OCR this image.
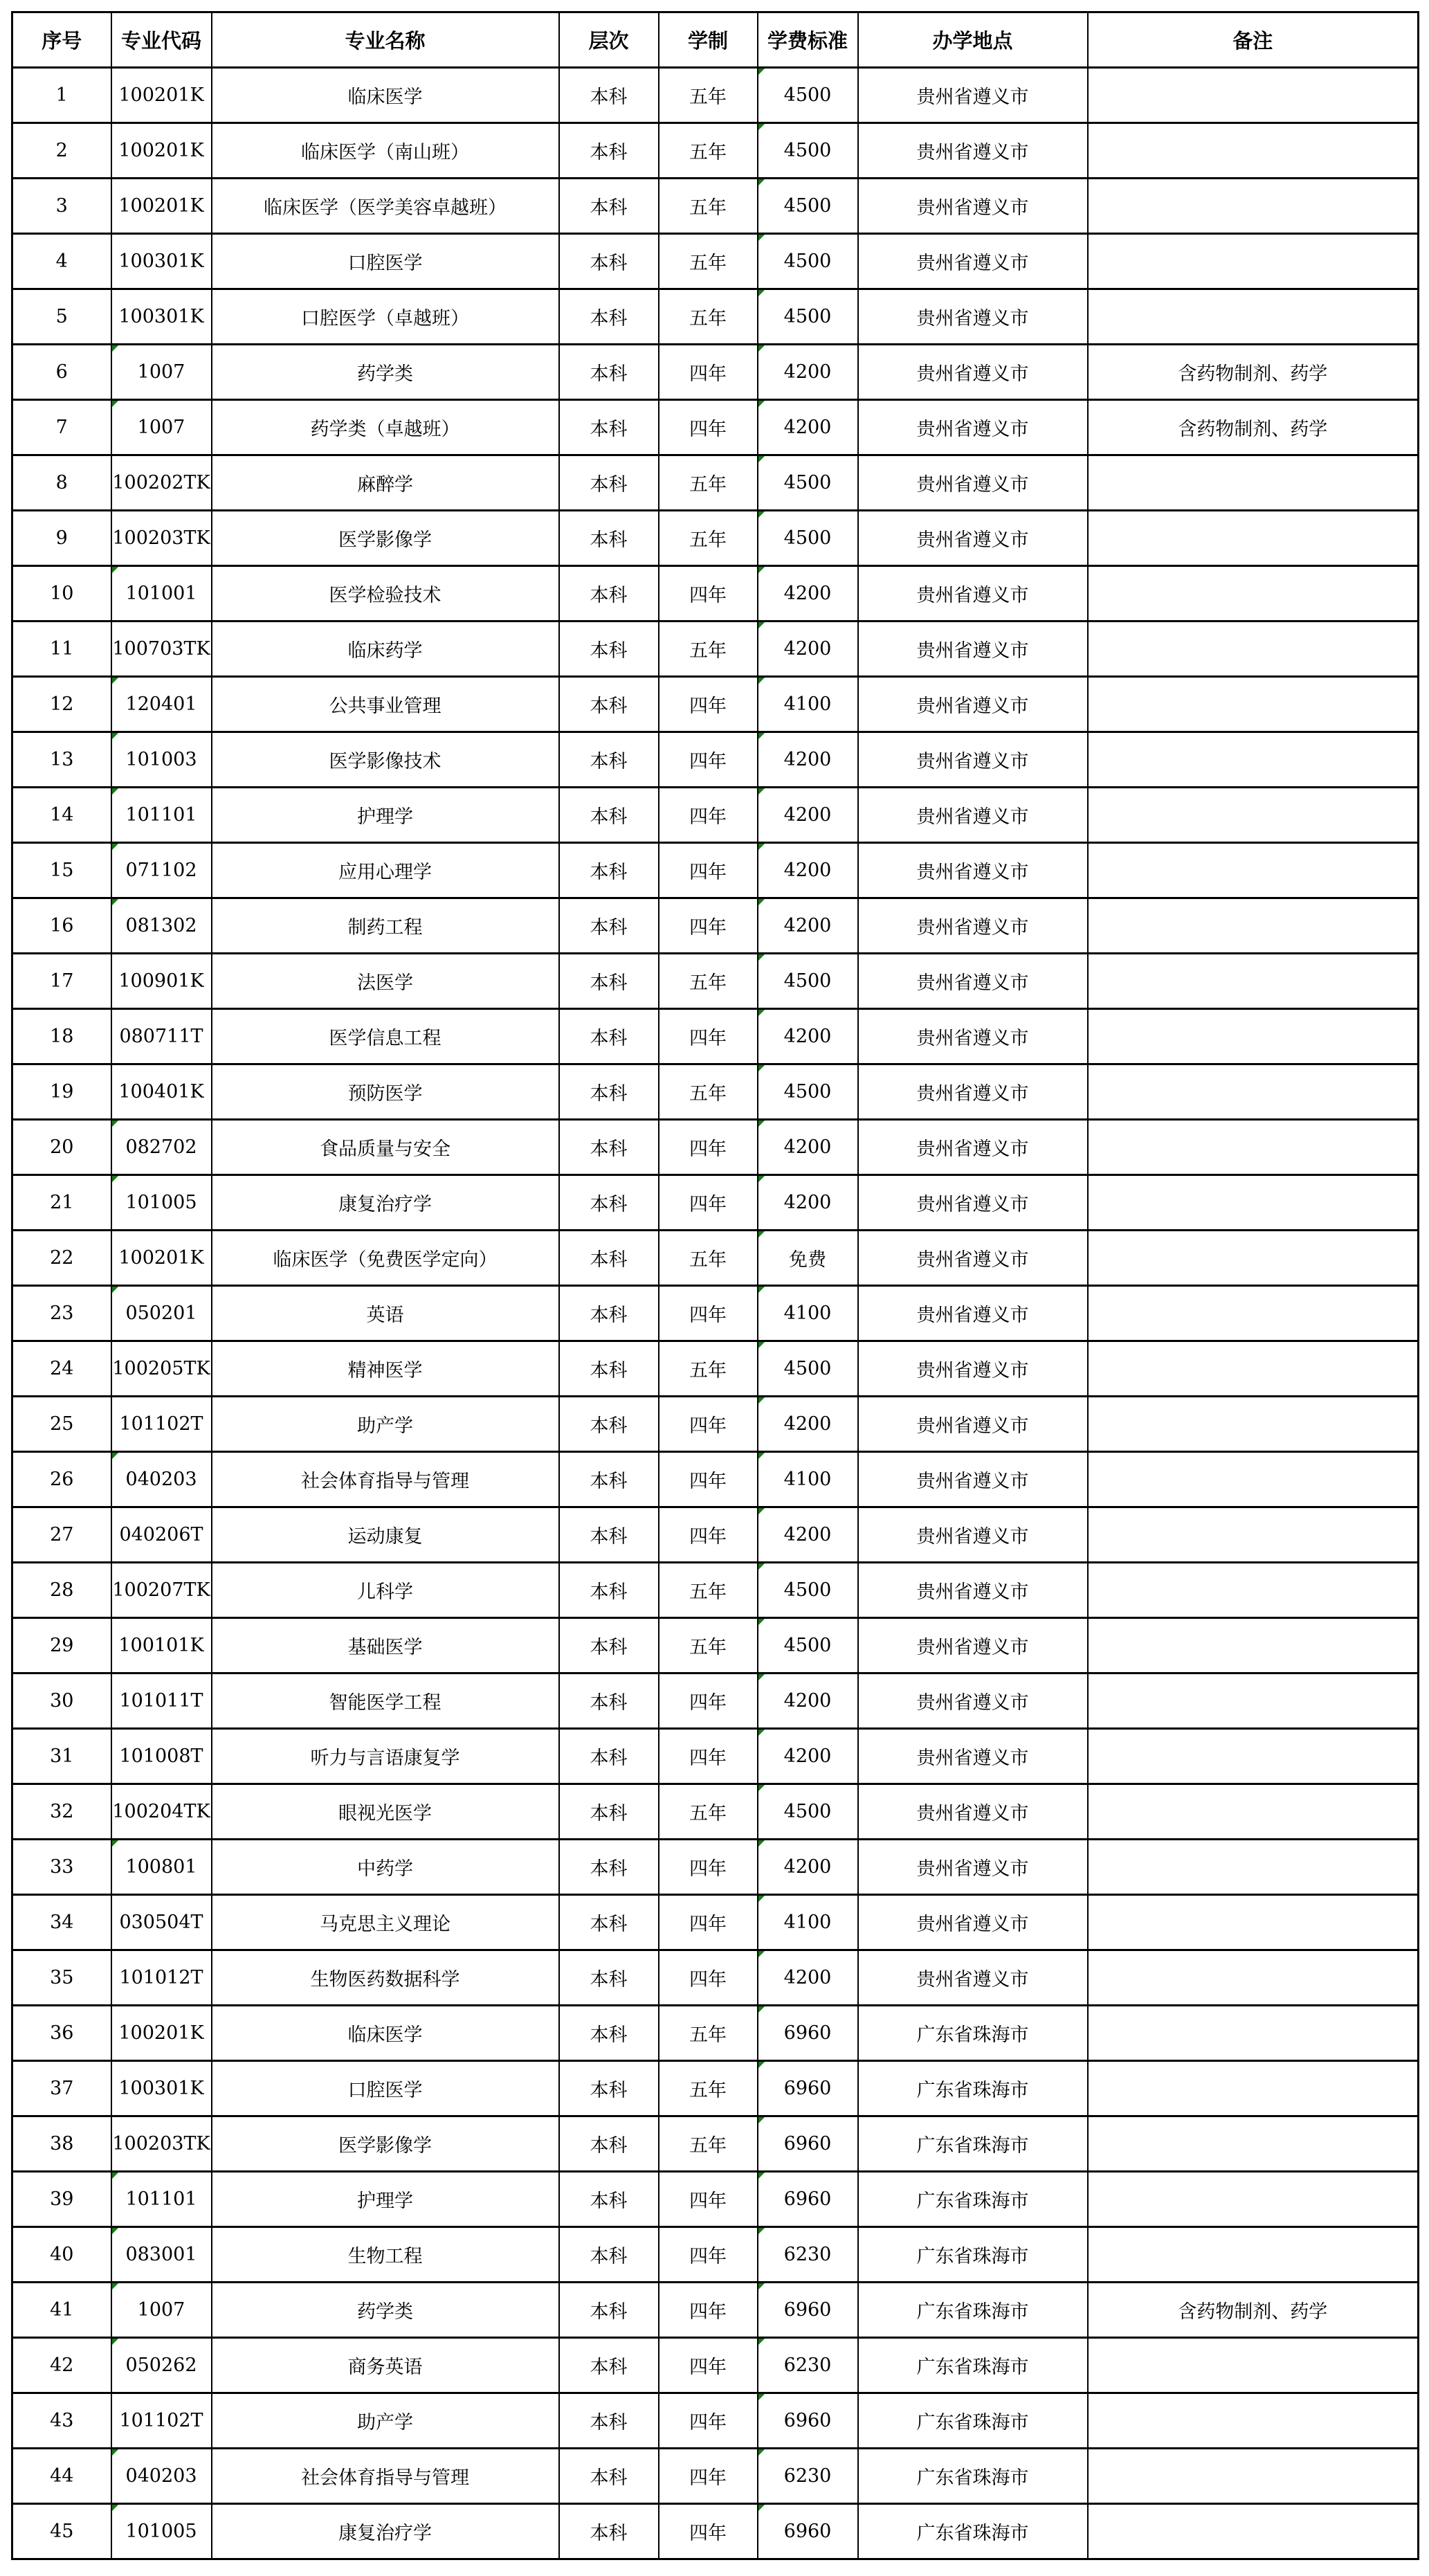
序号	专业代码	专业名称	层次	学制	学费标准	办学地点	备注
1	100201K	临床医学	本科	五年	4500	贵州省遵义市	
2	100201K	临床医学（南山班）	本科	五年	4500	贵州省遵义市	
3	100201K	临床医学（医学美容卓越班）	本科	五年	4500	贵州省遵义市	
4	100301K	口腔医学	本科	五年	4500	贵州省遵义市	
5	100301K	口腔医学（卓越班）	本科	五年	4500	贵州省遵义市	
6	1007	药学类	本科	四年	4200	贵州省遵义市	含药物制剂、药学
7	1007	药学类（卓越班）	本科	四年	4200	贵州省遵义市	含药物制剂、药学
8	100202TK	麻醉学	本科	五年	4500	贵州省遵义市	
9	100203TK	医学影像学	本科	五年	4500	贵州省遵义市	
10	101001	医学检验技术	本科	四年	4200	贵州省遵义市	
11	100703TK	临床药学	本科	五年	4200	贵州省遵义市	
12	120401	公共事业管理	本科	四年	4100	贵州省遵义市	
13	101003	医学影像技术	本科	四年	4200	贵州省遵义市	
14	101101	护理学	本科	四年	4200	贵州省遵义市	
15	071102	应用心理学	本科	四年	4200	贵州省遵义市	
16	081302	制药工程	本科	四年	4200	贵州省遵义市	
17	100901K	法医学	本科	五年	4500	贵州省遵义市	
18	080711T	医学信息工程	本科	四年	4200	贵州省遵义市	
19	100401K	预防医学	本科	五年	4500	贵州省遵义市	
20	082702	食品质量与安全	本科	四年	4200	贵州省遵义市	
21	101005	康复治疗学	本科	四年	4200	贵州省遵义市	
22	100201K	临床医学（免费医学定向）	本科	五年	免费	贵州省遵义市	
23	050201	英语	本科	四年	4100	贵州省遵义市	
24	100205TK	精神医学	本科	五年	4500	贵州省遵义市	
25	101102T	助产学	本科	四年	4200	贵州省遵义市	
26	040203	社会体育指导与管理	本科	四年	4100	贵州省遵义市	
27	040206T	运动康复	本科	四年	4200	贵州省遵义市	
28	100207TK	儿科学	本科	五年	4500	贵州省遵义市	
29	100101K	基础医学	本科	五年	4500	贵州省遵义市	
30	101011T	智能医学工程	本科	四年	4200	贵州省遵义市	
31	101008T	听力与言语康复学	本科	四年	4200	贵州省遵义市	
32	100204TK	眼视光医学	本科	五年	4500	贵州省遵义市	
33	100801	中药学	本科	四年	4200	贵州省遵义市	
34	030504T	马克思主义理论	本科	四年	4100	贵州省遵义市	
35	101012T	生物医药数据科学	本科	四年	4200	贵州省遵义市	
36	100201K	临床医学	本科	五年	6960	广东省珠海市	
37	100301K	口腔医学	本科	五年	6960	广东省珠海市	
38	100203TK	医学影像学	本科	五年	6960	广东省珠海市	
39	101101	护理学	本科	四年	6960	广东省珠海市	
40	083001	生物工程	本科	四年	6230	广东省珠海市	
41	1007	药学类	本科	四年	6960	广东省珠海市	含药物制剂、药学
42	050262	商务英语	本科	四年	6230	广东省珠海市	
43	101102T	助产学	本科	四年	6960	广东省珠海市	
44	040203	社会体育指导与管理	本科	四年	6230	广东省珠海市	
45	101005	康复治疗学	本科	四年	6960	广东省珠海市	
